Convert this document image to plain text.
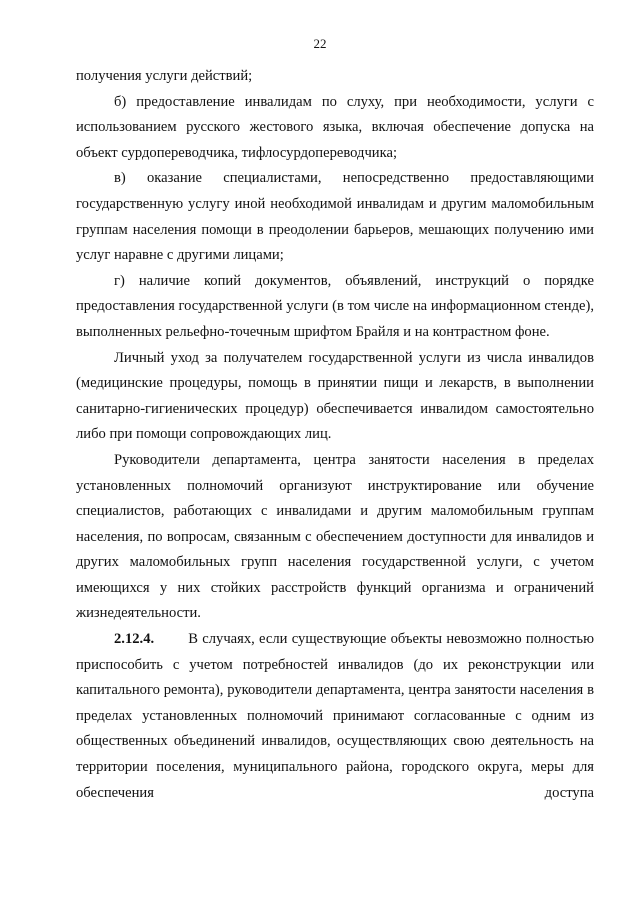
22

получения услуги действий;

б) предоставление инвалидам по слуху, при необходимости, услуги с использованием русского жестового языка, включая обеспечение допуска на объект сурдопереводчика, тифлосурдопереводчика;

в) оказание специалистами, непосредственно предоставляющими государственную услугу иной необходимой инвалидам и другим маломобильным группам населения помощи в преодолении барьеров, мешающих получению ими услуг наравне с другими лицами;

г) наличие копий документов, объявлений, инструкций о порядке предоставления государственной услуги (в том числе на информационном стенде), выполненных рельефно-точечным шрифтом Брайля и на контрастном фоне.

Личный уход за получателем государственной услуги из числа инвалидов (медицинские процедуры, помощь в принятии пищи и лекарств, в выполнении санитарно-гигиенических процедур) обеспечивается инвалидом самостоятельно либо при помощи сопровождающих лиц.

Руководители департамента, центра занятости населения в пределах установленных полномочий организуют инструктирование или обучение специалистов, работающих с инвалидами и другим маломобильным группам населения, по вопросам, связанным с обеспечением доступности для инвалидов и других маломобильных групп населения государственной услуги, с учетом имеющихся у них стойких расстройств функций организма и ограничений жизнедеятельности.

2.12.4. В случаях, если существующие объекты невозможно полностью приспособить с учетом потребностей инвалидов (до их реконструкции или капитального ремонта), руководители департамента, центра занятости населения в пределах установленных полномочий принимают согласованные с одним из общественных объединений инвалидов, осуществляющих свою деятельность на территории поселения, муниципального района, городского округа, меры для обеспечения доступа
